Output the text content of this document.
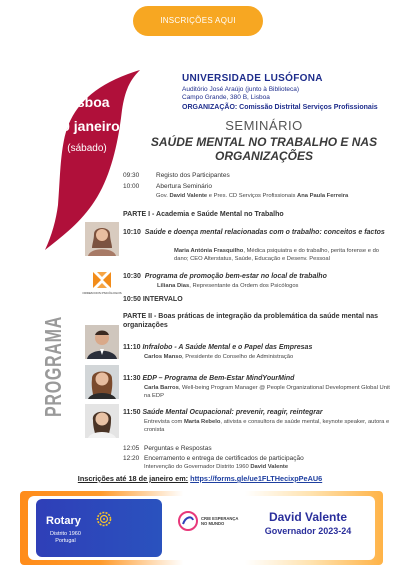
INSCRIÇÕES AQUI
Lisboa
20 janeiro
(sábado)
UNIVERSIDADE LUSÓFONA
Auditório José Araújo (junto à Biblioteca)
Campo Grande, 380 B, Lisboa
ORGANIZAÇÃO: Comissão Distrital Serviços Profissionais
SEMINÁRIO
SAÚDE MENTAL NO TRABALHO E NAS ORGANIZAÇÕES
PROGRAMA
09:30	Registo dos Participantes
10:00	Abertura Seminário
Gov. David Valente e Pres. CD Serviços Profissionais Ana Paula Ferreira
PARTE I - Academia e Saúde Mental no Trabalho
10:10 Saúde e doença mental relacionadas com o trabalho: conceitos e factos
Maria Antónia Frasquilho, Médica psiquiatra e do trabalho, perita forense e do dano; CEO Alterstatus, Saúde, Educação e Desenv. Pessoal
ORDEM DOS PSICÓLOGOS
10:30 Programa de promoção bem-estar no local de trabalho
Liliana Dias, Representante da Ordem dos Psicólogos
10:50 INTERVALO
PARTE II - Boas práticas de integração da problemática da saúde mental nas organizações
11:10 Infralobo - A Saúde Mental e o Papel das Empresas
Carlos Manso, Presidente do Conselho de Administração
11:30 EDP – Programa de Bem-Estar MindYourMind
Carla Barros, Well-being Program Manager @ People Organizational Development Global Unit na EDP
11:50 Saúde Mental Ocupacional: prevenir, reagir, reintegrar
Entrevista com Marta Rebelo, ativista e consultora de saúde mental, keynote speaker, autora e cronista
12:05 Perguntas e Respostas
12:20 Encerramento e entrega de certificados de participação
Intervenção do Governador Distrito 1960 David Valente
Inscrições até 18 de janeiro em: https://forms.gle/ue1FLTHecixpPeAU6
Rotary
Distrito 1960
Portugal
CRIE ESPERANÇA
NO MUNDO	David Valente
Governador 2023-24
